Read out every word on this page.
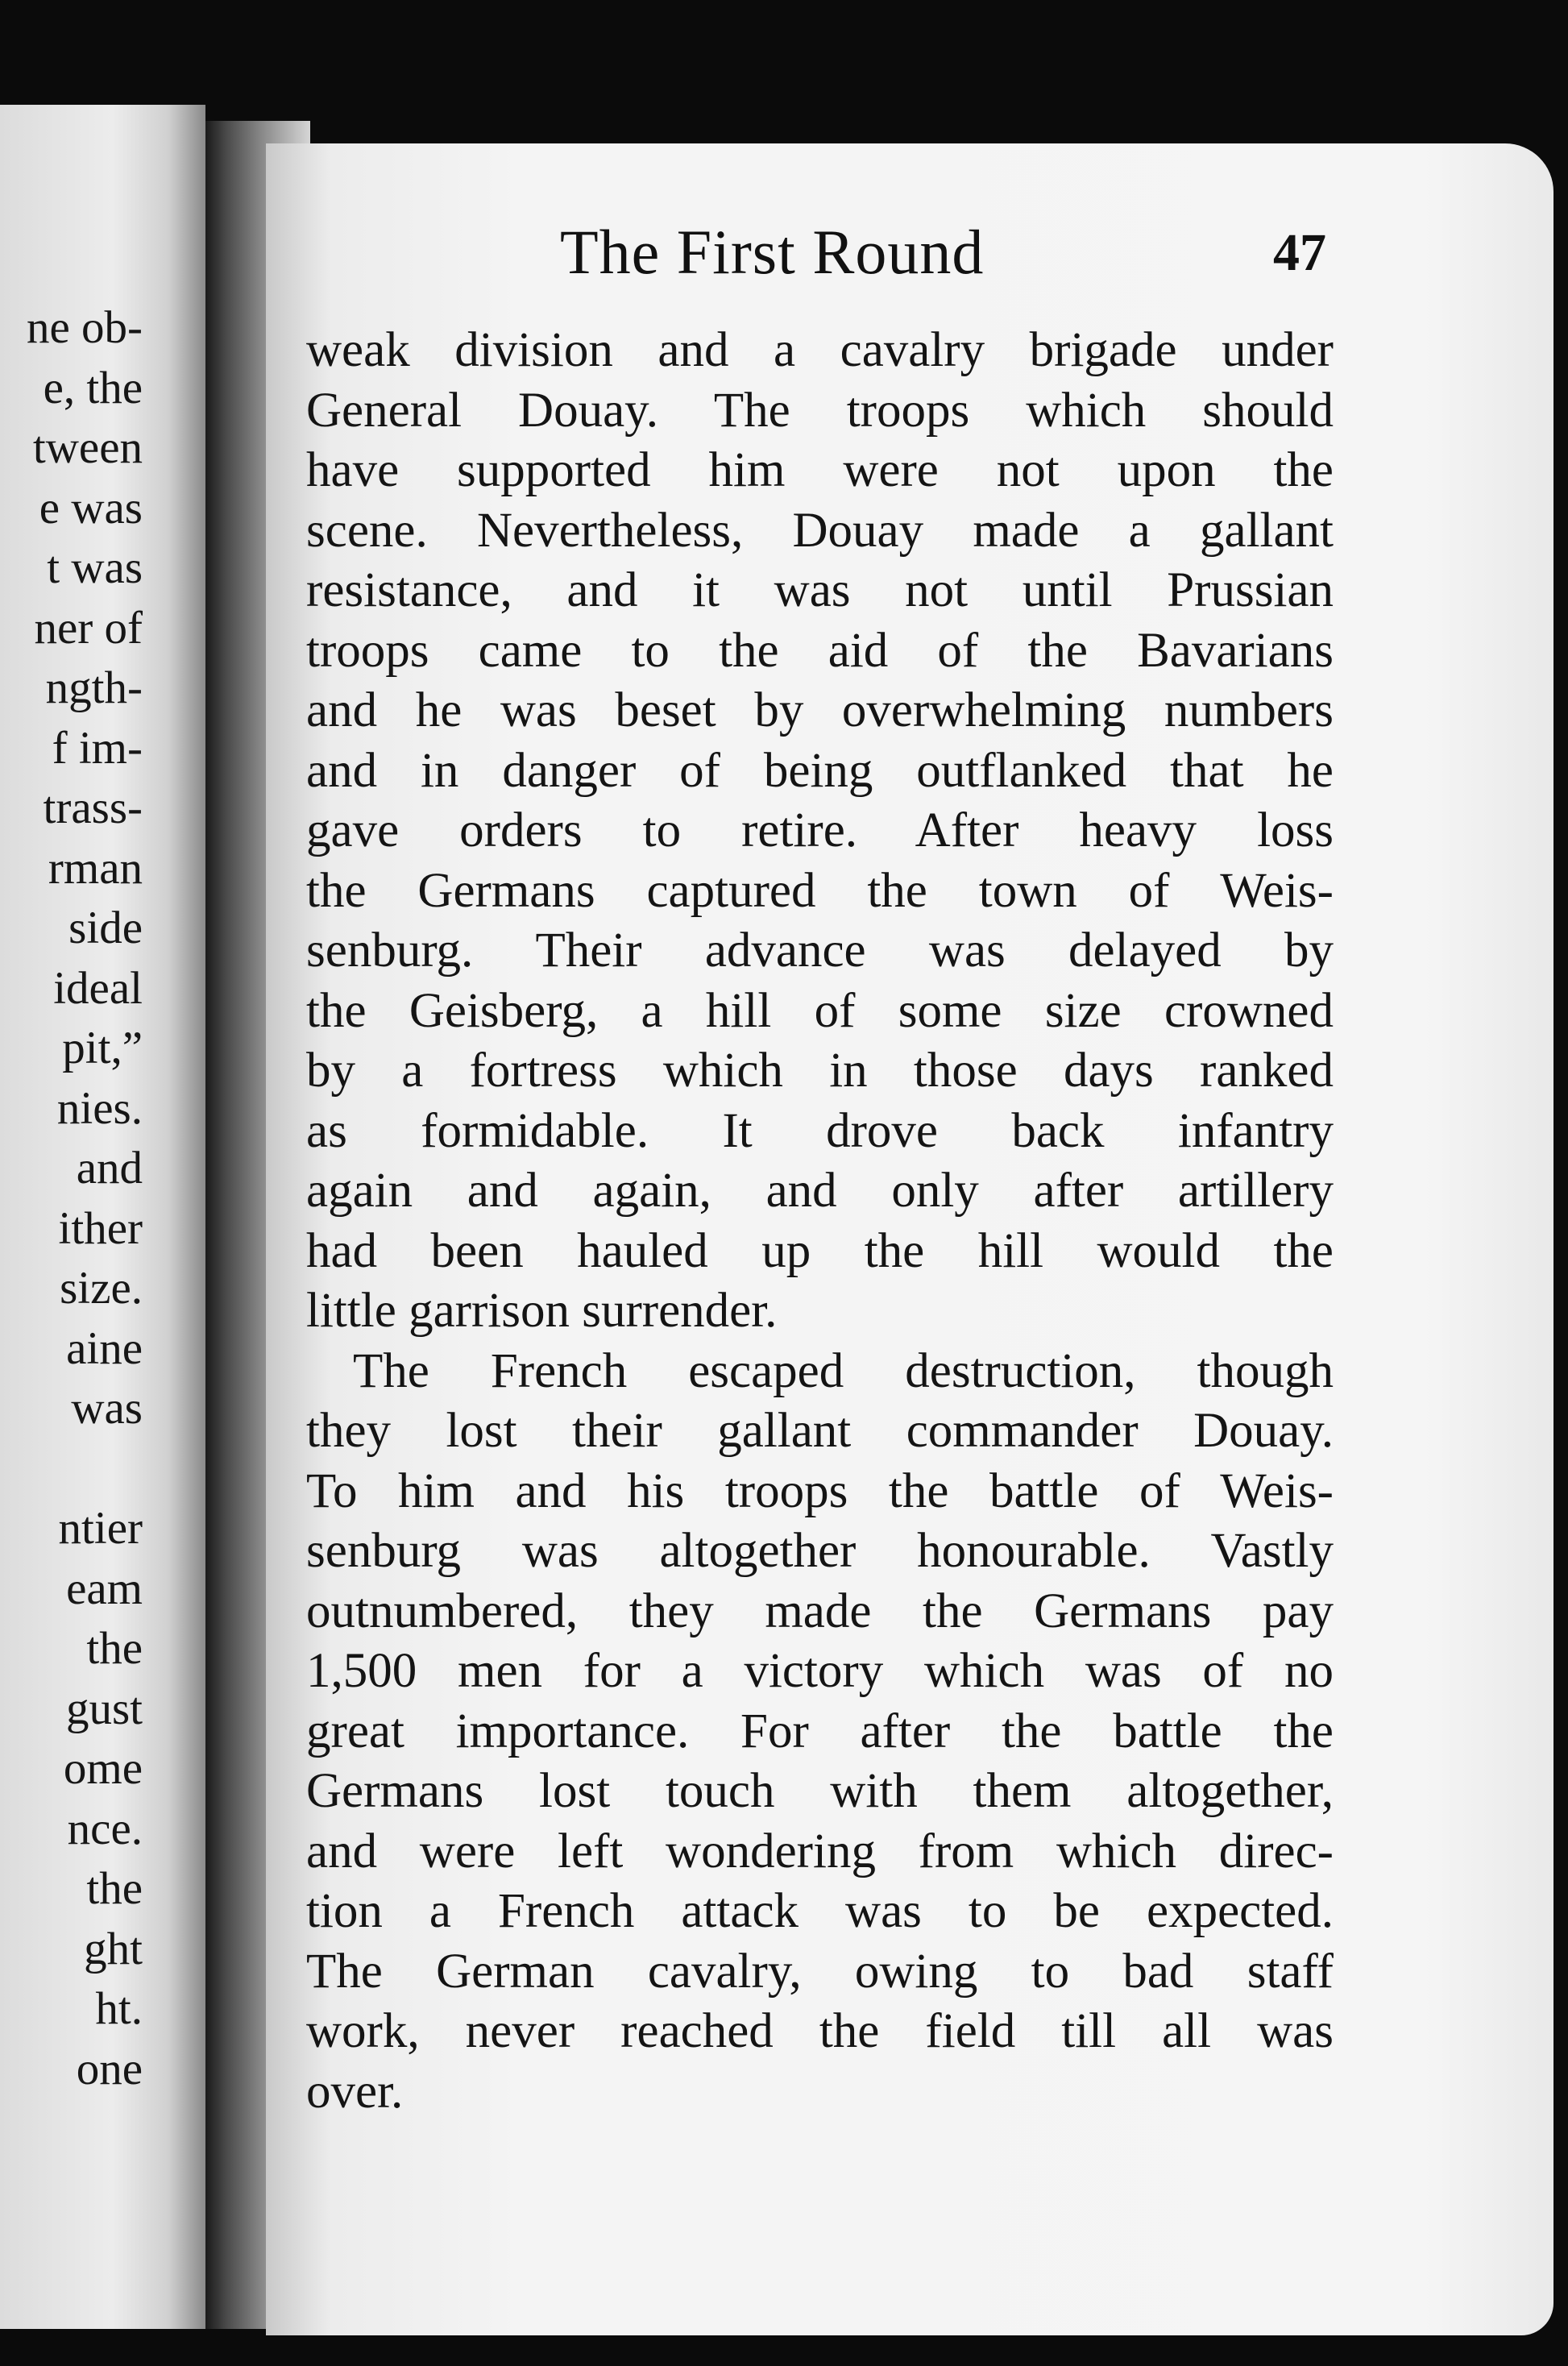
ne ob-
e, the
tween
e was
t was
ner of
ngth-
f im-
trass-
rman
side
ideal
pit,”
nies.
and
ither
size.
aine
was
ntier
eam
the
gust
ome
nce.
the
ght
ht.
one
The First Round	47
weak division and a cavalry brigade under
General Douay. The troops which should
have supported him were not upon the
scene. Nevertheless, Douay made a gallant
resistance, and it was not until Prussian
troops came to the aid of the Bavarians
and he was beset by overwhelming numbers
and in danger of being outflanked that he
gave orders to retire. After heavy loss
the Germans captured the town of Weis-
senburg. Their advance was delayed by
the Geisberg, a hill of some size crowned
by a fortress which in those days ranked
as formidable. It drove back infantry
again and again, and only after artillery
had been hauled up the hill would the
little garrison surrender.
The French escaped destruction, though
they lost their gallant commander Douay.
To him and his troops the battle of Weis-
senburg was altogether honourable. Vastly
outnumbered, they made the Germans pay
1,500 men for a victory which was of no
great importance. For after the battle the
Germans lost touch with them altogether,
and were left wondering from which direc-
tion a French attack was to be expected.
The German cavalry, owing to bad staff
work, never reached the field till all was
over.
